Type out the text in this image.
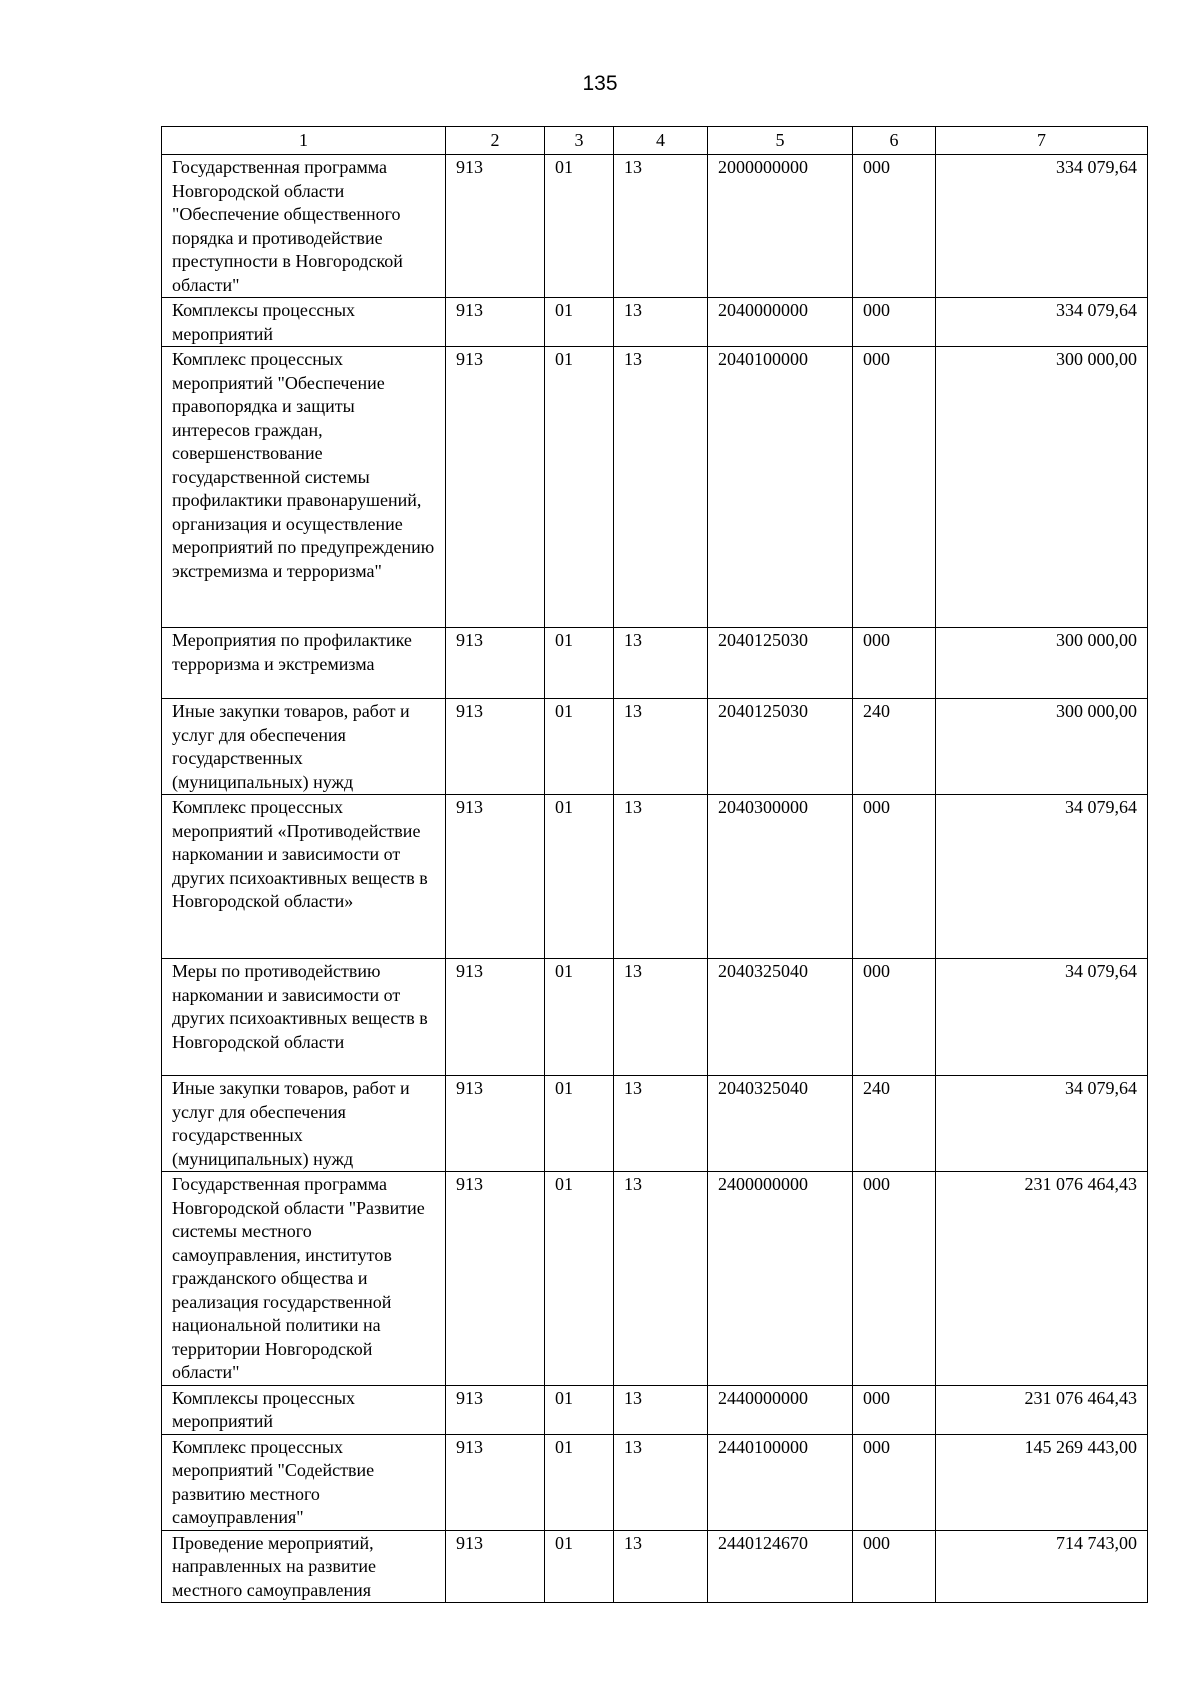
135
1	2	3	4	5	6	7
Государственная программа Новгородской области "Обеспечение общественного порядка и противодействие преступности в Новгородской области"	913	01	13	2000000000	000	334 079,64
Комплексы процессных мероприятий	913	01	13	2040000000	000	334 079,64
Комплекс процессных мероприятий "Обеспечение правопорядка и защиты интересов граждан, совершенствование государственной системы профилактики правонарушений, организация и осуществление мероприятий по предупреждению экстремизма и терроризма"	913	01	13	2040100000	000	300 000,00
Мероприятия по профилактике терроризма и экстремизма	913	01	13	2040125030	000	300 000,00
Иные закупки товаров, работ и услуг для обеспечения государственных (муниципальных) нужд	913	01	13	2040125030	240	300 000,00
Комплекс процессных мероприятий «Противодействие наркомании и зависимости от других психоактивных веществ в Новгородской области»	913	01	13	2040300000	000	34 079,64
Меры по противодействию наркомании и зависимости от других психоактивных веществ в Новгородской области	913	01	13	2040325040	000	34 079,64
Иные закупки товаров, работ и услуг для обеспечения государственных (муниципальных) нужд	913	01	13	2040325040	240	34 079,64
Государственная программа Новгородской области "Развитие системы местного самоуправления, институтов гражданского общества и реализация государственной национальной политики на территории Новгородской области"	913	01	13	2400000000	000	231 076 464,43
Комплексы процессных мероприятий	913	01	13	2440000000	000	231 076 464,43
Комплекс процессных мероприятий "Содействие развитию местного самоуправления"	913	01	13	2440100000	000	145 269 443,00
Проведение мероприятий, направленных на развитие местного самоуправления	913	01	13	2440124670	000	714 743,00
